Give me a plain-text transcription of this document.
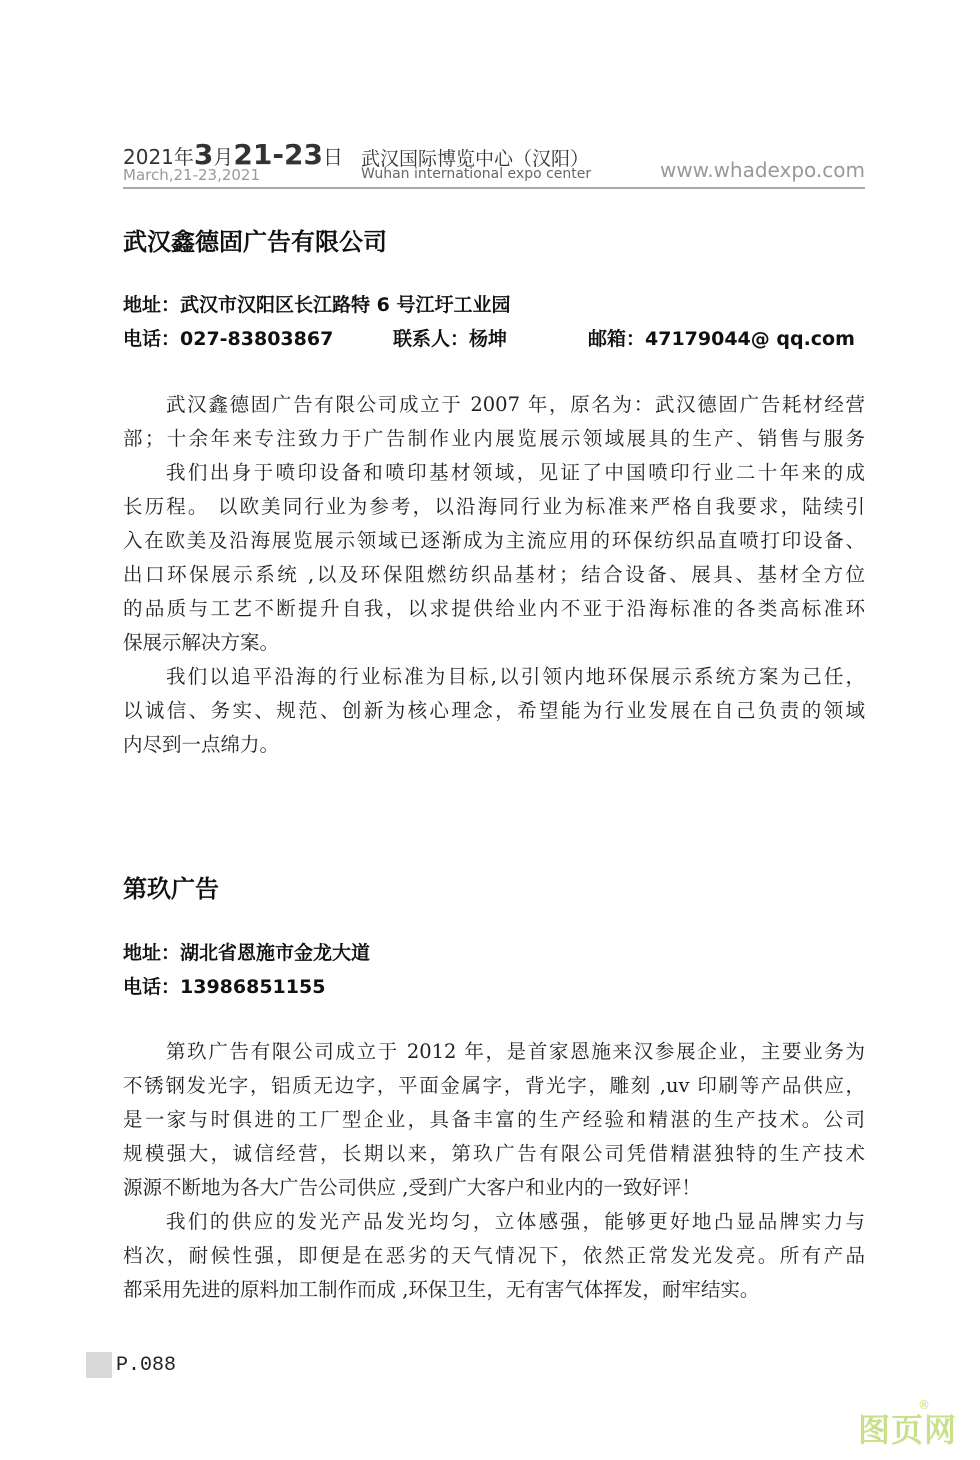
2021年3月21-23日
March,21-23,2021
武汉国际博览中心（汉阳）
Wuhan international expo center	www.whadexpo.com
武汉鑫德固广告有限公司
地址：武汉市汉阳区长江路特 6 号江圩工业园
电话：027-83803867	联系人：杨坤	邮箱：47179044@ qq.com
武汉鑫德固广告有限公司成立于 2007 年，原名为：武汉德固广告耗材经营
部；十余年来专注致力于广告制作业内展览展示领域展具的生产、销售与服务
我们出身于喷印设备和喷印基材领域，见证了中国喷印行业二十年来的成
长历程。 以欧美同行业为参考，以沿海同行业为标准来严格自我要求，陆续引
入在欧美及沿海展览展示领域已逐渐成为主流应用的环保纺织品直喷打印设备、
出口环保展示系统 ,以及环保阻燃纺织品基材；结合设备、展具、基材全方位
的品质与工艺不断提升自我，以求提供给业内不亚于沿海标准的各类高标准环
保展示解决方案。
我们以追平沿海的行业标准为目标,以引领内地环保展示系统方案为己任，
以诚信、务实、规范、创新为核心理念，希望能为行业发展在自己负责的领域
内尽到一点绵力。
第玖广告
地址：湖北省恩施市金龙大道
电话：13986851155
第玖广告有限公司成立于 2012 年，是首家恩施来汉参展企业，主要业务为
不锈钢发光字，铝质无边字，平面金属字，背光字，雕刻 ,uv 印刷等产品供应，
是一家与时俱进的工厂型企业，具备丰富的生产经验和精湛的生产技术。公司
规模强大，诚信经营，长期以来，第玖广告有限公司凭借精湛独特的生产技术
源源不断地为各大广告公司供应 ,受到广大客户和业内的一致好评！
我们的供应的发光产品发光均匀，立体感强，能够更好地凸显品牌实力与
档次，耐候性强，即便是在恶劣的天气情况下，依然正常发光发亮。所有产品
都采用先进的原料加工制作而成 ,环保卫生，无有害气体挥发，耐牢结实。
P.088
图页网
®
